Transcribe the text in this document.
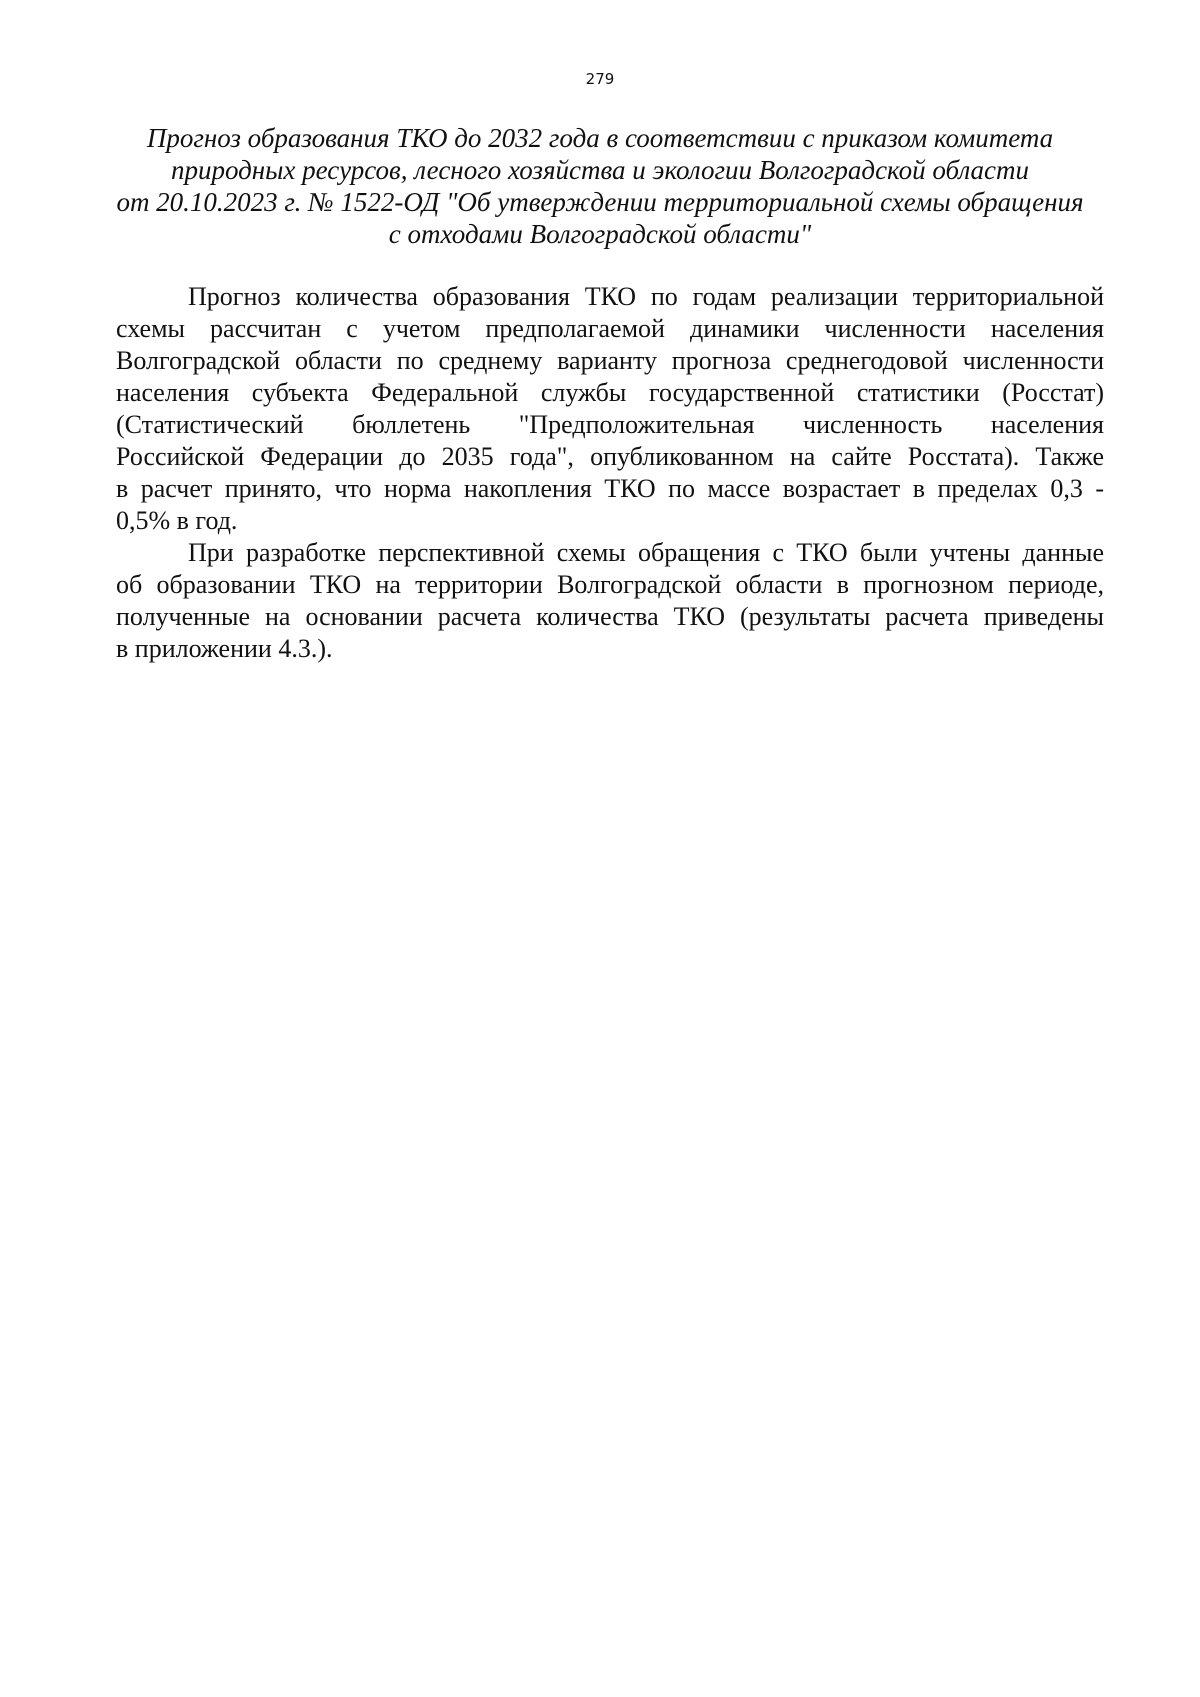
279
Прогноз образования ТКО до 2032 года в соответствии с приказом комитета
природных ресурсов, лесного хозяйства и экологии Волгоградской области
от 20.10.2023 г. № 1522-ОД "Об утверждении территориальной схемы обращения
с отходами Волгоградской области"
Прогноз количества образования ТКО по годам реализации территориальной
схемы рассчитан с учетом предполагаемой динамики численности населения
Волгоградской области по среднему варианту прогноза среднегодовой численности
населения субъекта Федеральной службы государственной статистики (Росстат)
(Статистический бюллетень "Предположительная численность населения
Российской Федерации до 2035 года", опубликованном на сайте Росстата). Также
в расчет принято, что норма накопления ТКО по массе возрастает в пределах 0,3 -
0,5% в год.
При разработке перспективной схемы обращения с ТКО были учтены данные
об образовании ТКО на территории Волгоградской области в прогнозном периоде,
полученные на основании расчета количества ТКО (результаты расчета приведены
в приложении 4.3.).
